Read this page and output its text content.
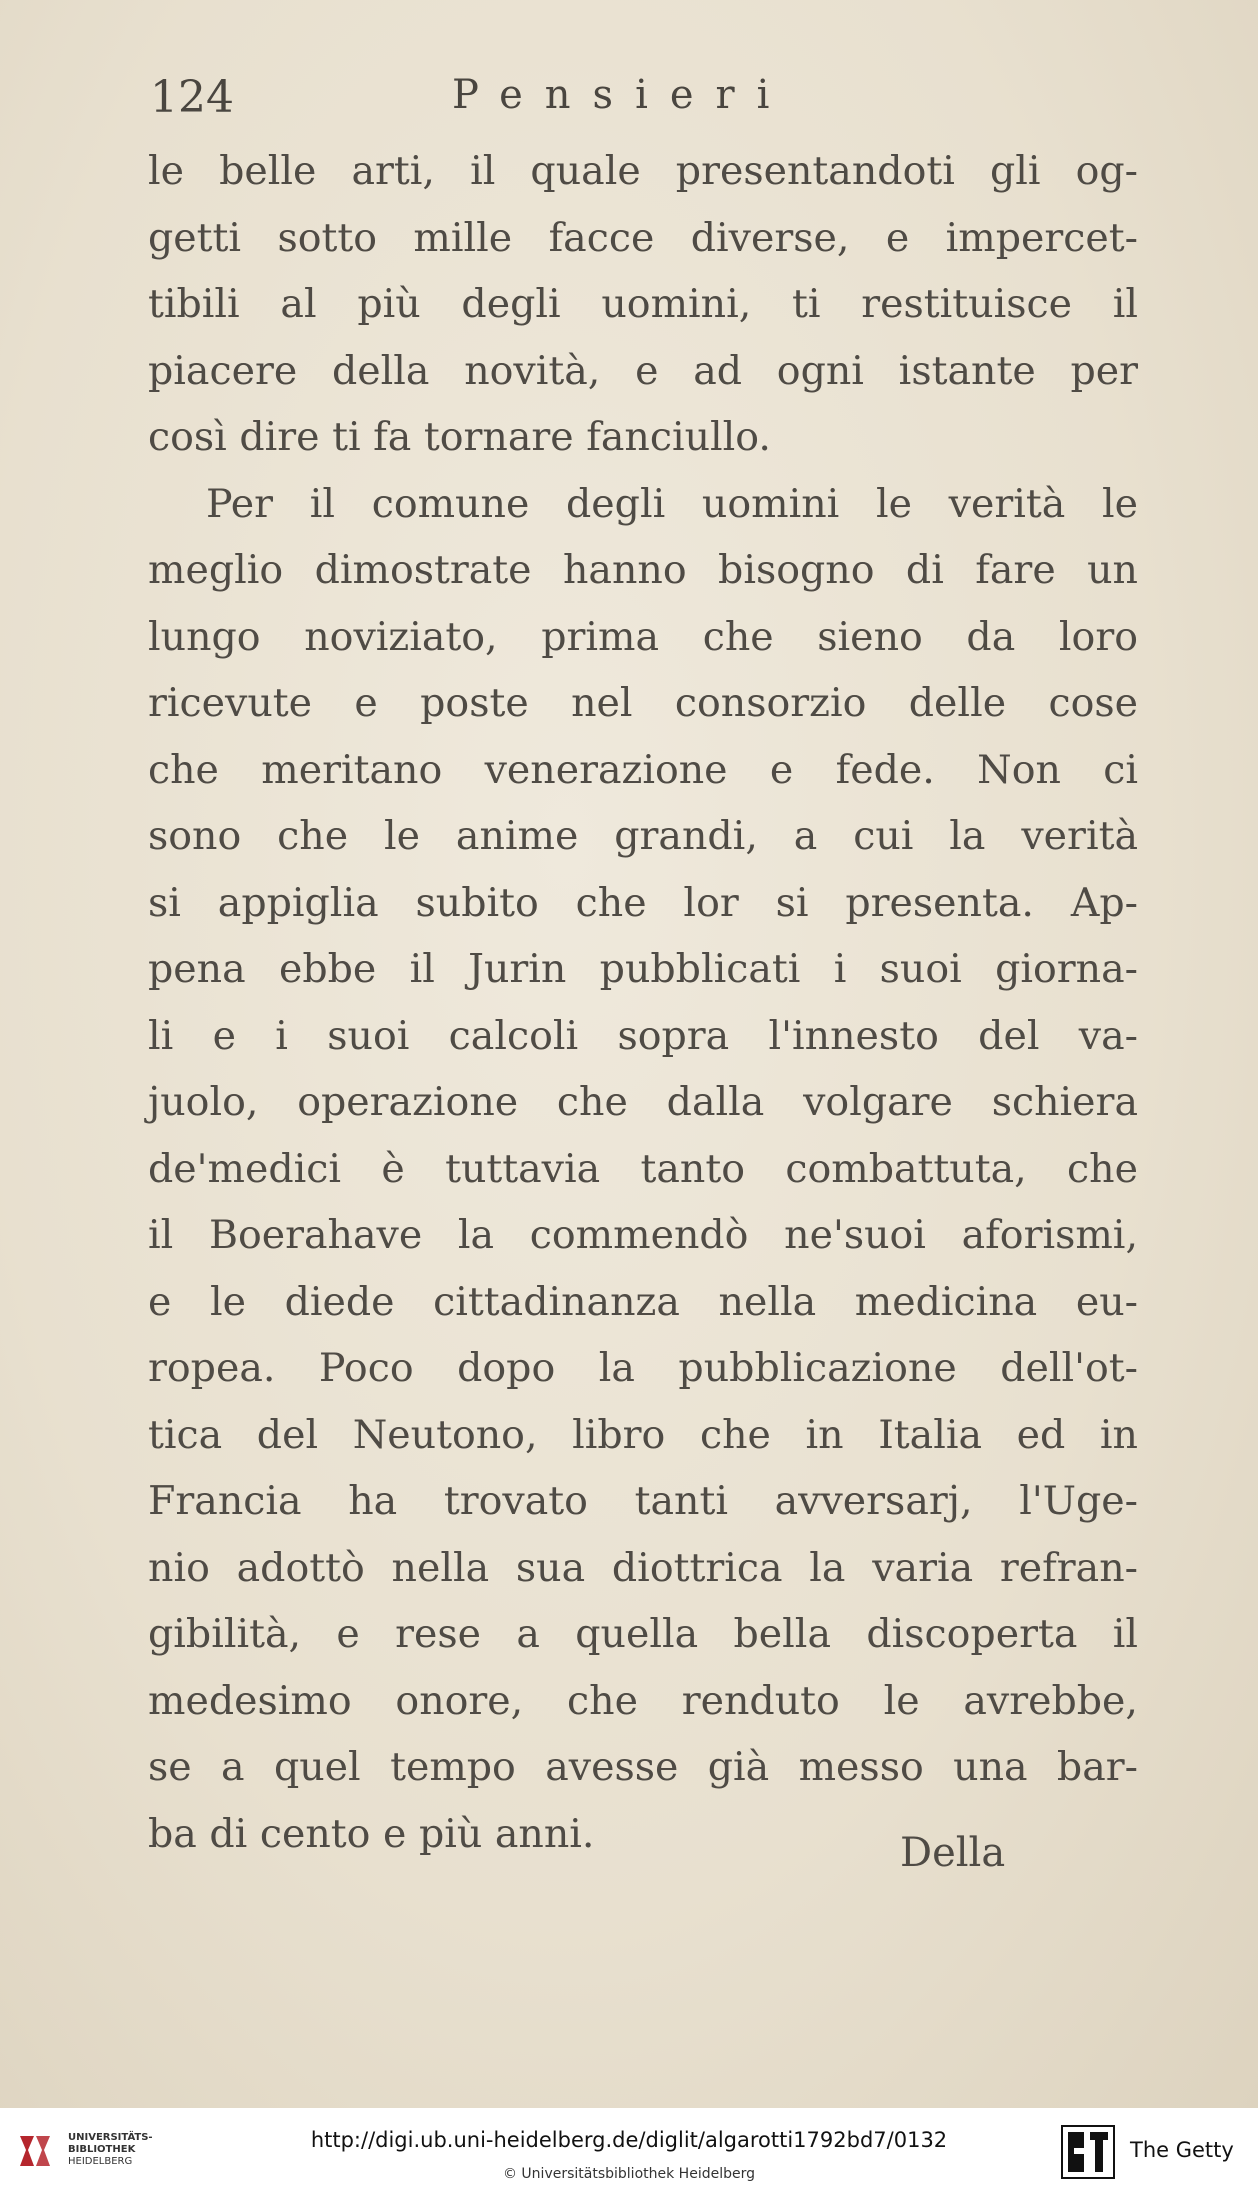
124	Pensieri
le belle arti, il quale presentandoti gli og-
getti sotto mille facce diverse, e impercet-
tibili al più degli uomini, ti restituisce il
piacere della novità, e ad ogni istante per
così dire ti fa tornare fanciullo.
Per il comune degli uomini le verità le
meglio dimostrate hanno bisogno di fare un
lungo noviziato, prima che sieno da loro
ricevute e poste nel consorzio delle cose
che meritano venerazione e fede. Non ci
sono che le anime grandi, a cui la verità
si appiglia subito che lor si presenta. Ap-
pena ebbe il Jurin pubblicati i suoi giorna-
li e i suoi calcoli sopra l'innesto del va-
juolo, operazione che dalla volgare schiera
de'medici è tuttavia tanto combattuta, che
il Boerahave la commendò ne'suoi aforismi,
e le diede cittadinanza nella medicina eu-
ropea. Poco dopo la pubblicazione dell'ot-
tica del Neutono, libro che in Italia ed in
Francia ha trovato tanti avversarj, l'Uge-
nio adottò nella sua diottrica la varia refran-
gibilità, e rese a quella bella discoperta il
medesimo onore, che renduto le avrebbe,
se a quel tempo avesse già messo una bar-
ba di cento e più anni.	Della
UNIVERSITÄTS-
BIBLIOTHEK
HEIDELBERG
http://digi.ub.uni-heidelberg.de/diglit/algarotti1792bd7/0132
© Universitätsbibliothek Heidelberg
The Getty
